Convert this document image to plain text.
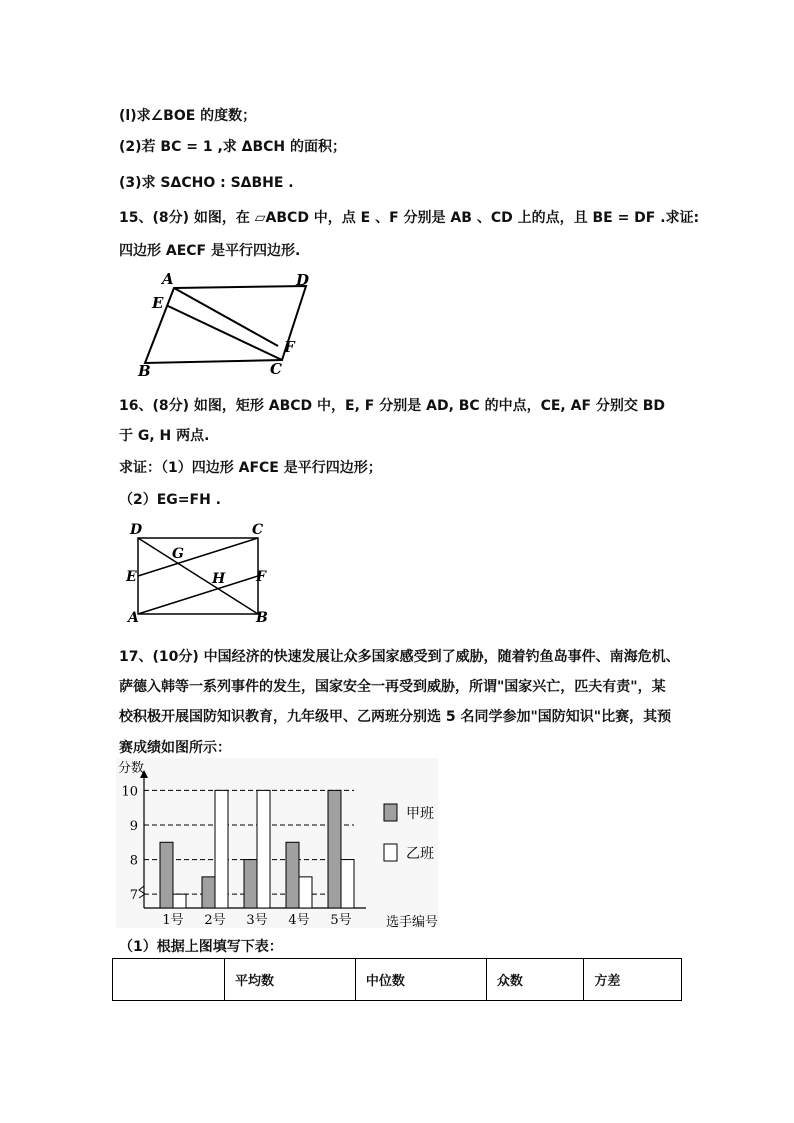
(l)求∠BOE 的度数；
(2)若 BC = 1 ,求 ΔBCH 的面积；
(3)求 SΔCHO : SΔBHE .
15、(8分) 如图，在 ▱ABCD 中，点 E 、F 分别是 AB 、CD 上的点，且 BE = DF .求证:
四边形 AECF 是平行四边形.
A	D
E
F
B	C
16、(8分) 如图，矩形 ABCD 中，E, F 分别是 AD, BC 的中点，CE, AF 分别交 BD
于 G, H 两点.
求证：（1）四边形 AFCE 是平行四边形；
（2）EG=FH .
D	C
G
E	H F
A	B
17、(10分) 中国经济的快速发展让众多国家感受到了威胁，随着钓鱼岛事件、南海危机、
萨德入韩等一系列事件的发生，国家安全一再受到威胁，所谓"国家兴亡，匹夫有责"，某
校积极开展国防知识教育，九年级甲、乙两班分别选 5 名同学参加"国防知识"比赛，其预
赛成绩如图所示：
7
8
9
10
分数
1号 2号 3号 4号 5号	选手编号
甲班
乙班
（1）根据上图填写下表：
	平均数	中位数	众数	方差
